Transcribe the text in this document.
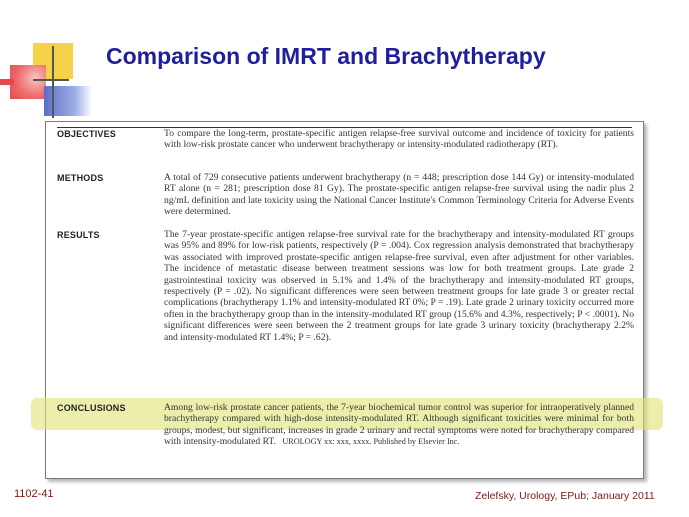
Comparison of IMRT and Brachytherapy
OBJECTIVES	To compare the long-term, prostate-specific antigen relapse-free survival outcome and incidence of toxicity for patients with low-risk prostate cancer who underwent brachytherapy or intensity-modulated radiotherapy (RT).
METHODS	A total of 729 consecutive patients underwent brachytherapy (n = 448; prescription dose 144 Gy) or intensity-modulated RT alone (n = 281; prescription dose 81 Gy). The prostate-specific antigen relapse-free survival using the nadir plus 2 ng/mL definition and late toxicity using the National Cancer Institute's Common Terminology Criteria for Adverse Events were determined.
RESULTS	The 7-year prostate-specific antigen relapse-free survival rate for the brachytherapy and intensity-modulated RT groups was 95% and 89% for low-risk patients, respectively (P = .004). Cox regression analysis demonstrated that brachytherapy was associated with improved prostate-specific antigen relapse-free survival, even after adjustment for other variables. The incidence of metastatic disease between treatment sessions was low for both treatment groups. Late grade 2 gastrointestinal toxicity was observed in 5.1% and 1.4% of the brachytherapy and intensity-modulated RT groups, respectively (P = .02). No significant differences were seen between treatment groups for late grade 3 or greater rectal complications (brachytherapy 1.1% and intensity-modulated RT 0%; P = .19). Late grade 2 urinary toxicity occurred more often in the brachytherapy group than in the intensity-modulated RT group (15.6% and 4.3%, respectively; P < .0001). No significant differences were seen between the 2 treatment groups for late grade 3 urinary toxicity (brachytherapy 2.2% and intensity-modulated RT 1.4%; P = .62).
CONCLUSIONS	Among low-risk prostate cancer patients, the 7-year biochemical tumor control was superior for intraoperatively planned brachytherapy compared with high-dose intensity-modulated RT. Although significant toxicities were minimal for both groups, modest, but significant, increases in grade 2 urinary and rectal symptoms were noted for brachytherapy compared with intensity-modulated RT. UROLOGY xx: xxx, xxxx. Published by Elsevier Inc.
1102-41	Zelefsky, Urology, EPub; January 2011
